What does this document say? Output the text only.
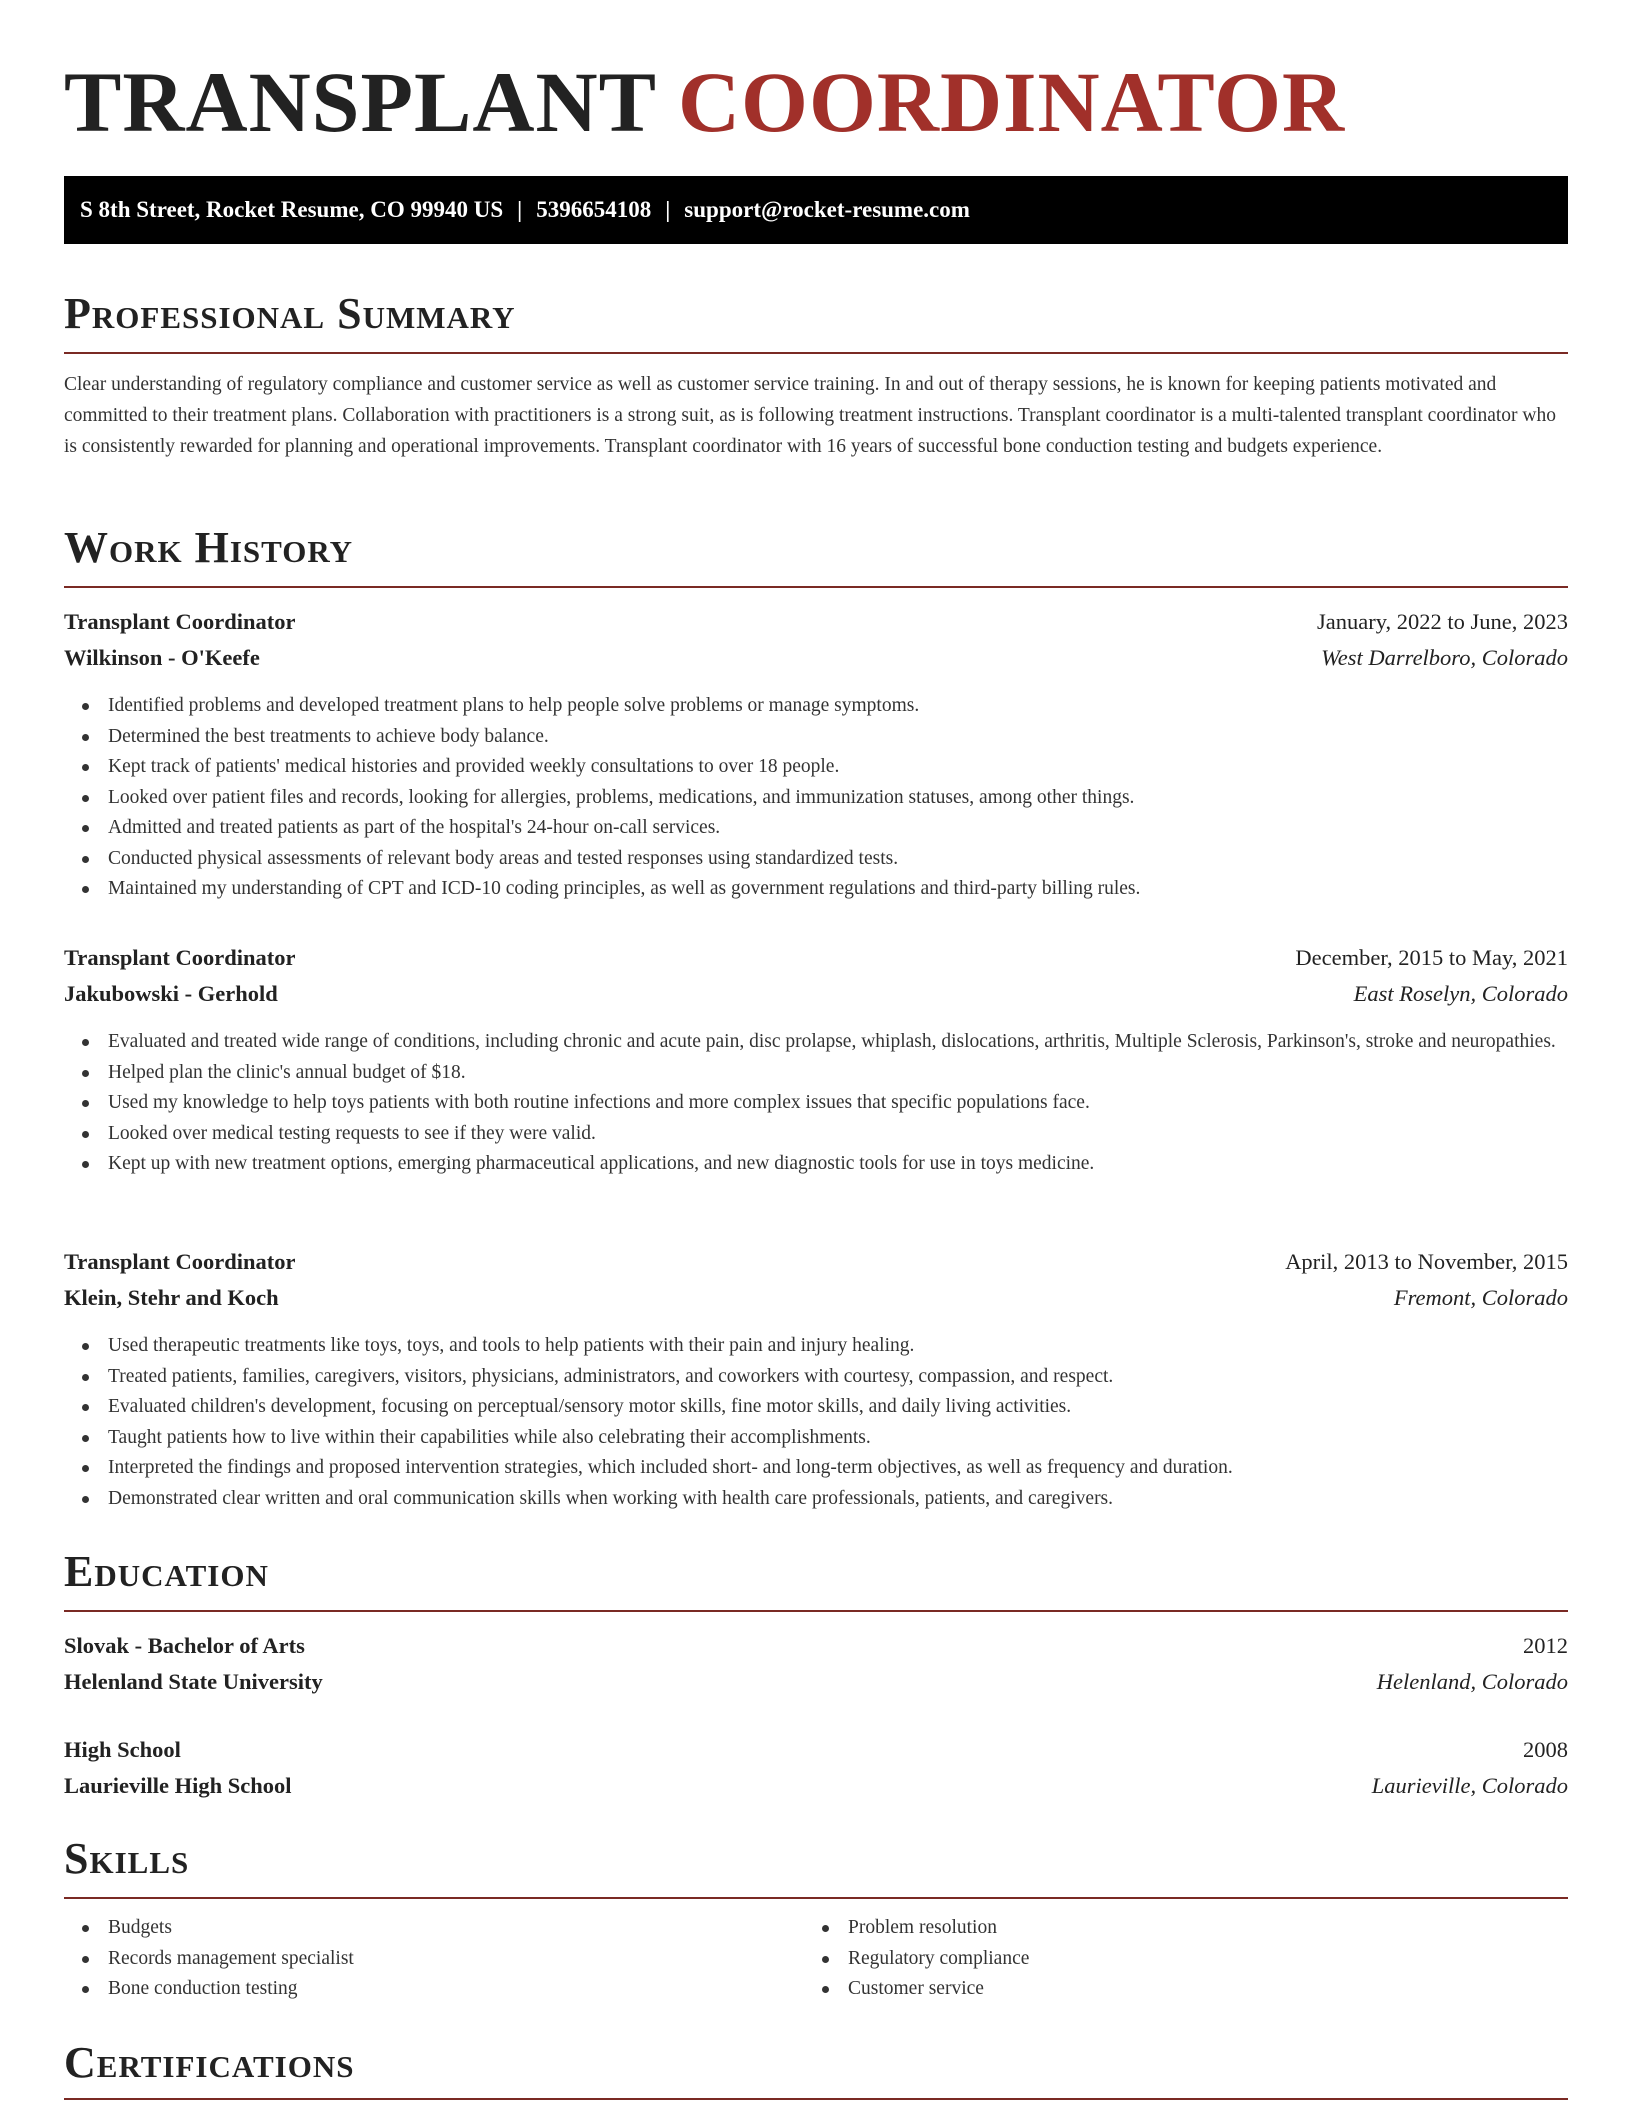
TRANSPLANT COORDINATOR
S 8th Street, Rocket Resume, CO 99940 US | 5396654108 | support@rocket-resume.com
Professional Summary

Clear understanding of regulatory compliance and customer service as well as customer service training. In and out of therapy sessions, he is known for keeping patients motivated and committed to their treatment plans. Collaboration with practitioners is a strong suit, as is following treatment instructions. Transplant coordinator is a multi-talented transplant coordinator who is consistently rewarded for planning and operational improvements. Transplant coordinator with 16 years of successful bone conduction testing and budgets experience.

Work History
Transplant Coordinator	January, 2022 to June, 2023
Wilkinson - O'Keefe	West Darrelboro, Colorado
Identified problems and developed treatment plans to help people solve problems or manage symptoms.
Determined the best treatments to achieve body balance.
Kept track of patients' medical histories and provided weekly consultations to over 18 people.
Looked over patient files and records, looking for allergies, problems, medications, and immunization statuses, among other things.
Admitted and treated patients as part of the hospital's 24-hour on-call services.
Conducted physical assessments of relevant body areas and tested responses using standardized tests.
Maintained my understanding of CPT and ICD-10 coding principles, as well as government regulations and third-party billing rules.
Transplant Coordinator	December, 2015 to May, 2021
Jakubowski - Gerhold	East Roselyn, Colorado
Evaluated and treated wide range of conditions, including chronic and acute pain, disc prolapse, whiplash, dislocations, arthritis, Multiple Sclerosis, Parkinson's, stroke and neuropathies.
Helped plan the clinic's annual budget of $18.
Used my knowledge to help toys patients with both routine infections and more complex issues that specific populations face.
Looked over medical testing requests to see if they were valid.
Kept up with new treatment options, emerging pharmaceutical applications, and new diagnostic tools for use in toys medicine.
Transplant Coordinator	April, 2013 to November, 2015
Klein, Stehr and Koch	Fremont, Colorado
Used therapeutic treatments like toys, toys, and tools to help patients with their pain and injury healing.
Treated patients, families, caregivers, visitors, physicians, administrators, and coworkers with courtesy, compassion, and respect.
Evaluated children's development, focusing on perceptual/sensory motor skills, fine motor skills, and daily living activities.
Taught patients how to live within their capabilities while also celebrating their accomplishments.
Interpreted the findings and proposed intervention strategies, which included short- and long-term objectives, as well as frequency and duration.
Demonstrated clear written and oral communication skills when working with health care professionals, patients, and caregivers.
Education
Slovak - Bachelor of Arts	2012
Helenland State University	Helenland, Colorado
High School	2008
Laurieville High School	Laurieville, Colorado
Skills
Budgets
Records management specialist
Bone conduction testing
Problem resolution
Regulatory compliance
Customer service
Certifications
